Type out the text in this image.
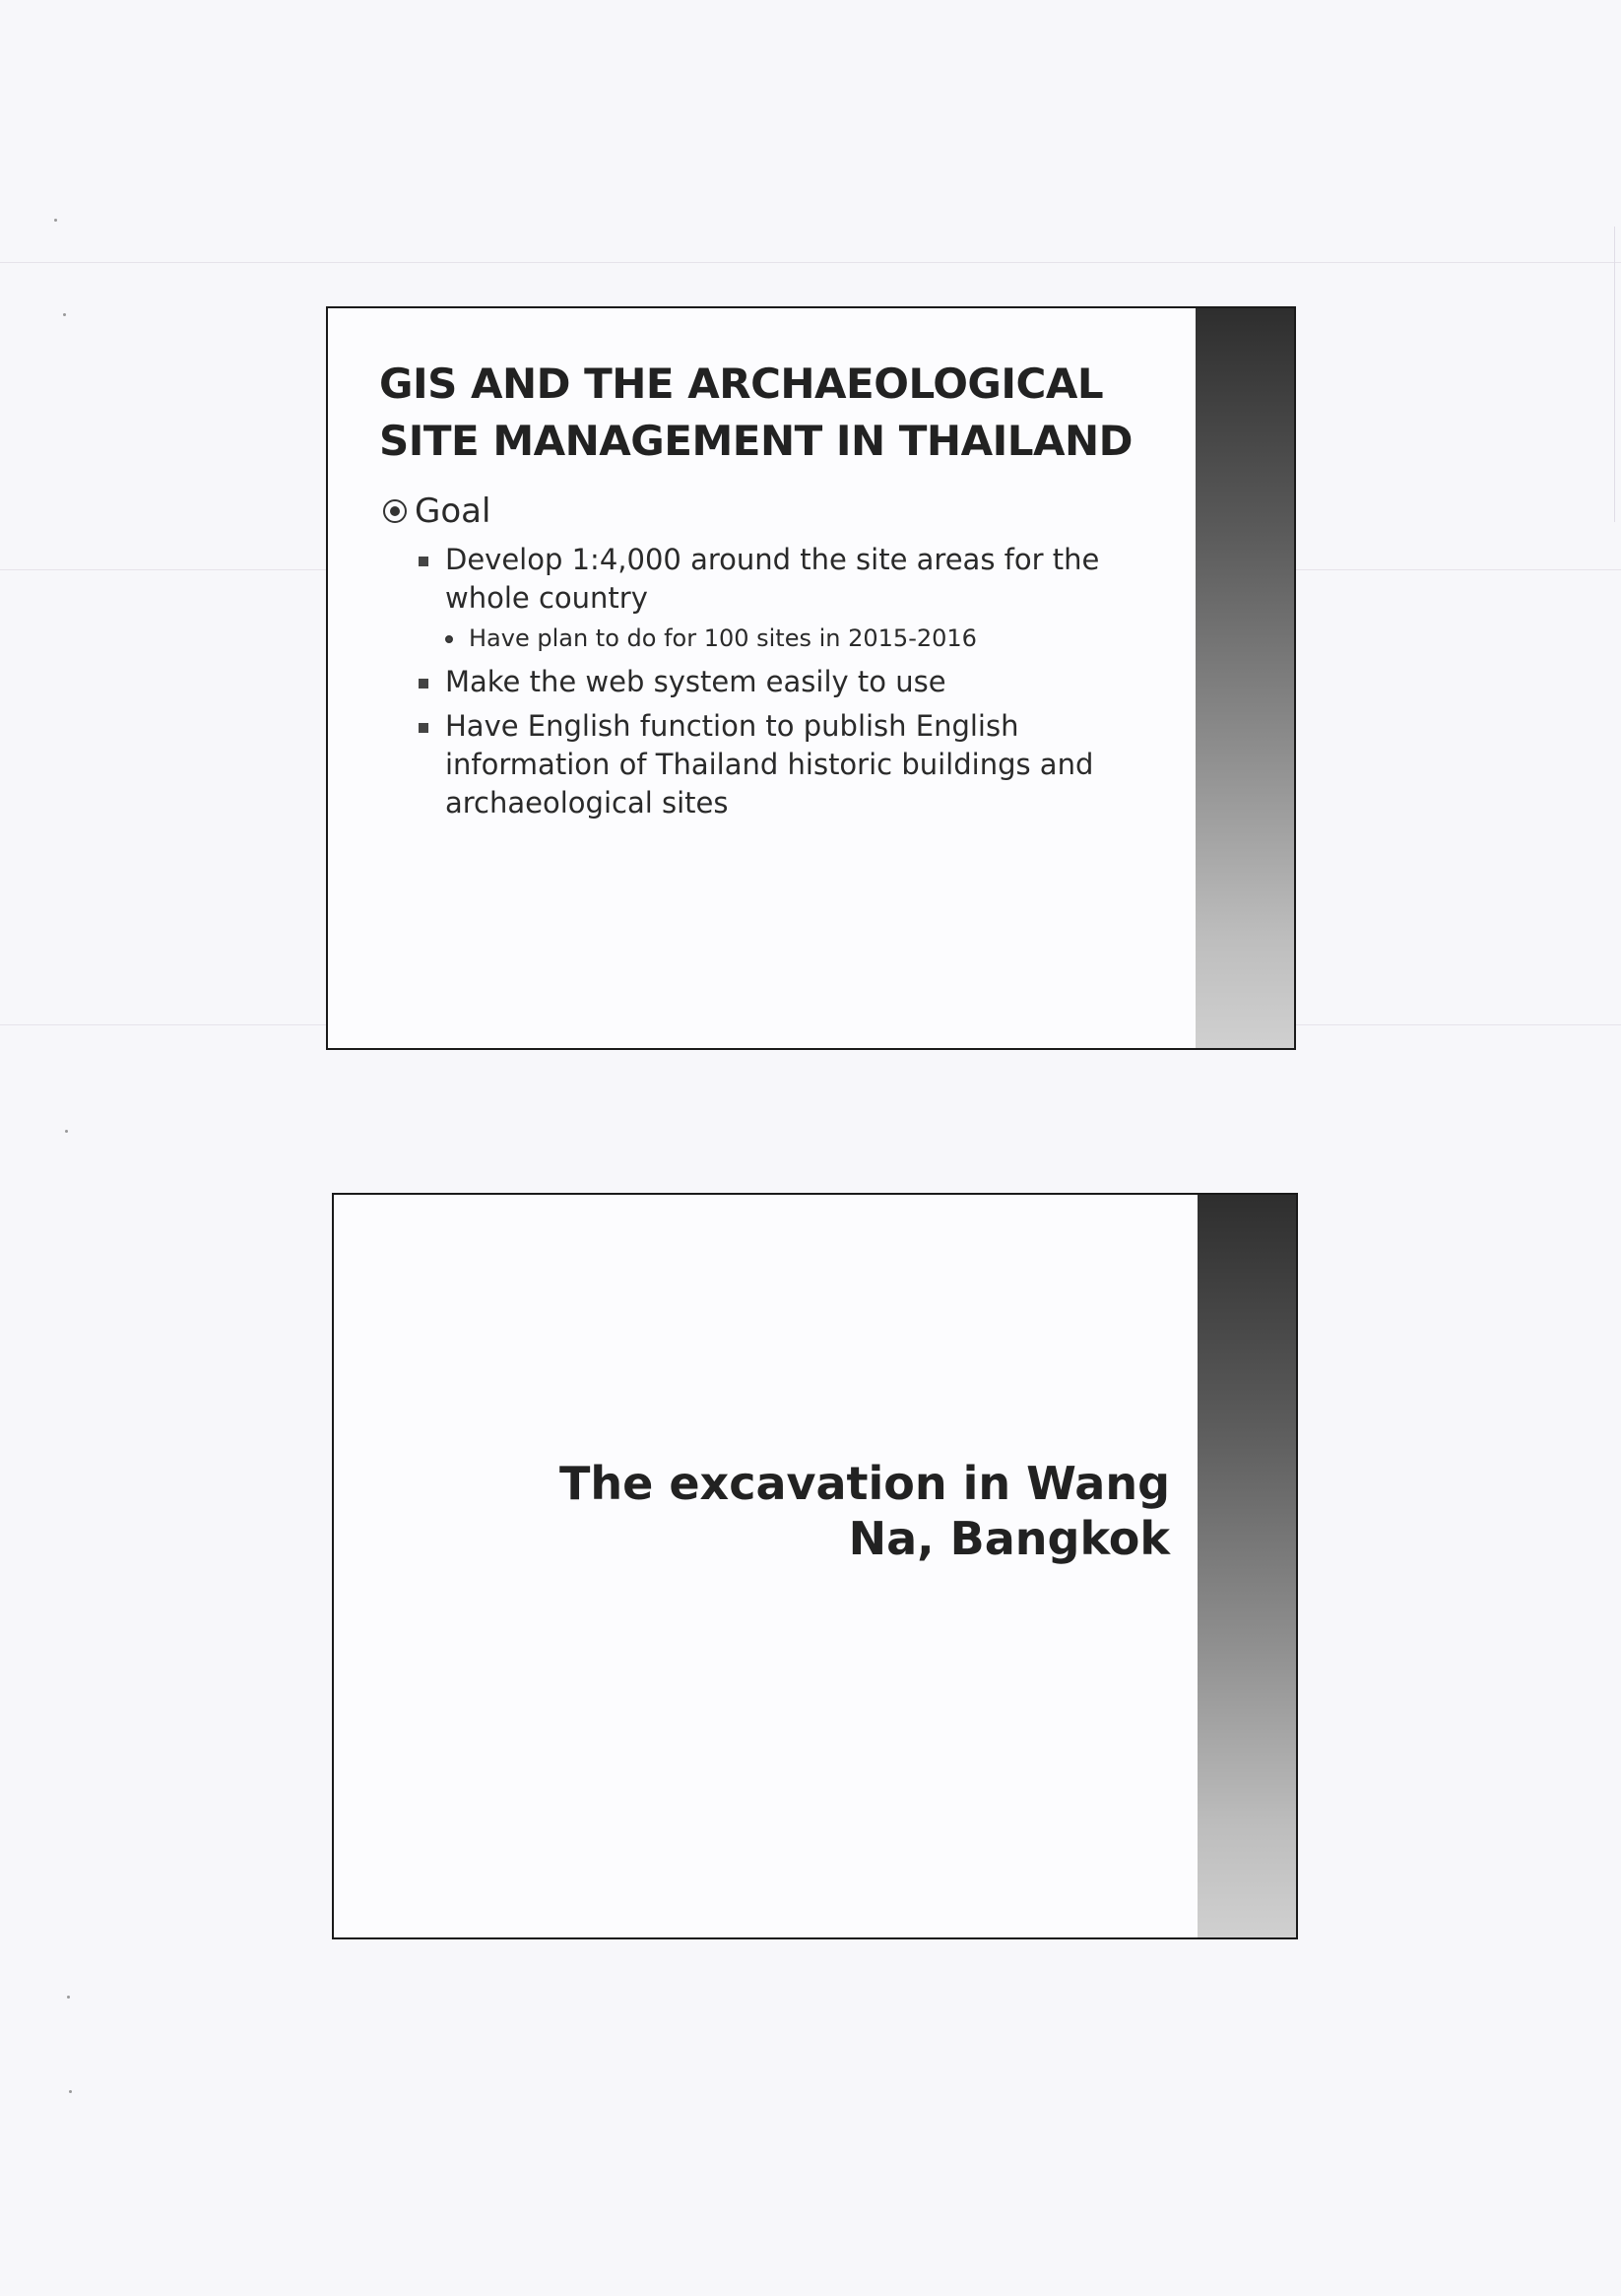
GIS AND THE ARCHAEOLOGICAL SITE MANAGEMENT IN THAILAND
Goal
Develop 1:4,000 around the site areas for the whole country
Have plan to do for 100 sites in 2015-2016
Make the web system easily to use
Have English function to publish English information of Thailand historic buildings and archaeological sites
The excavation in Wang Na, Bangkok
